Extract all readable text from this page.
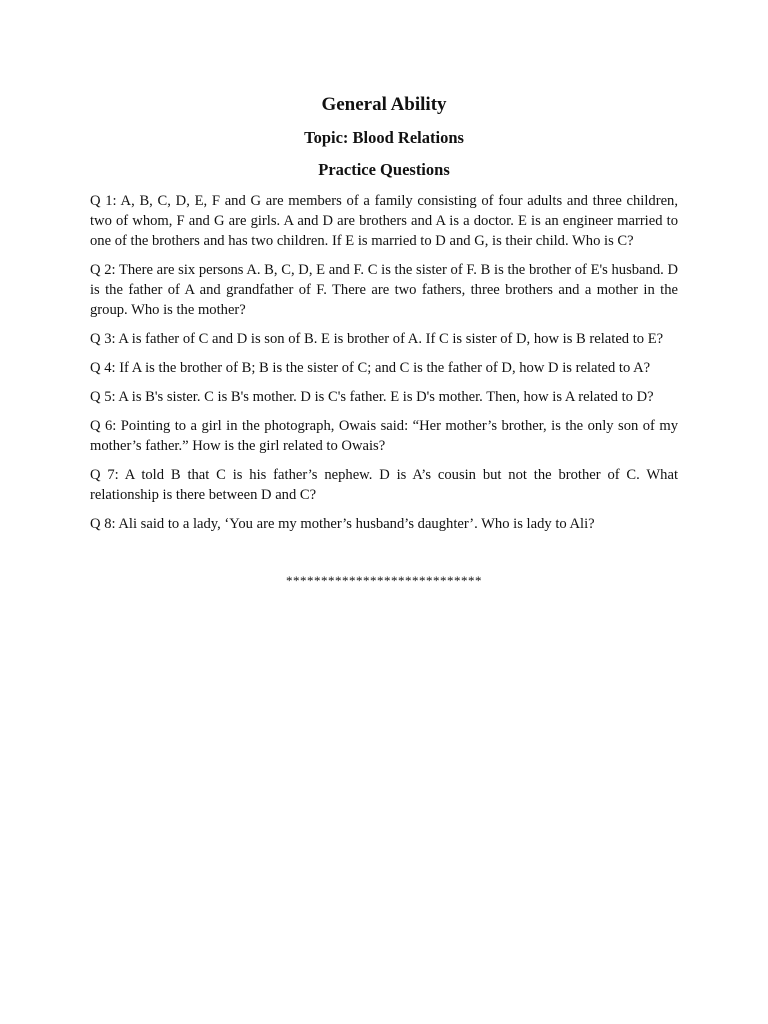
General Ability
Topic: Blood Relations
Practice Questions

Q 1: A, B, C, D, E, F and G are members of a family consisting of four adults and three children, two of whom, F and G are girls. A and D are brothers and A is a doctor. E is an engineer married to one of the brothers and has two children. If E is married to D and G, is their child. Who is C?

Q 2: There are six persons A. B, C, D, E and F. C is the sister of F. B is the brother of E's husband. D is the father of A and grandfather of F. There are two fathers, three brothers and a mother in the group. Who is the mother?

Q 3: A is father of C and D is son of B. E is brother of A. If C is sister of D, how is B related to E?

Q 4: If A is the brother of B; B is the sister of C; and C is the father of D, how D is related to A?

Q 5: A is B's sister. C is B's mother. D is C's father. E is D's mother. Then, how is A related to D?

Q 6: Pointing to a girl in the photograph, Owais said: “Her mother’s brother, is the only son of my mother’s father.” How is the girl related to Owais?

Q 7: A told B that C is his father’s nephew. D is A’s cousin but not the brother of C. What relationship is there between D and C?

Q 8: Ali said to a lady, ‘You are my mother’s husband’s daughter’. Who is lady to Ali?

****************************
